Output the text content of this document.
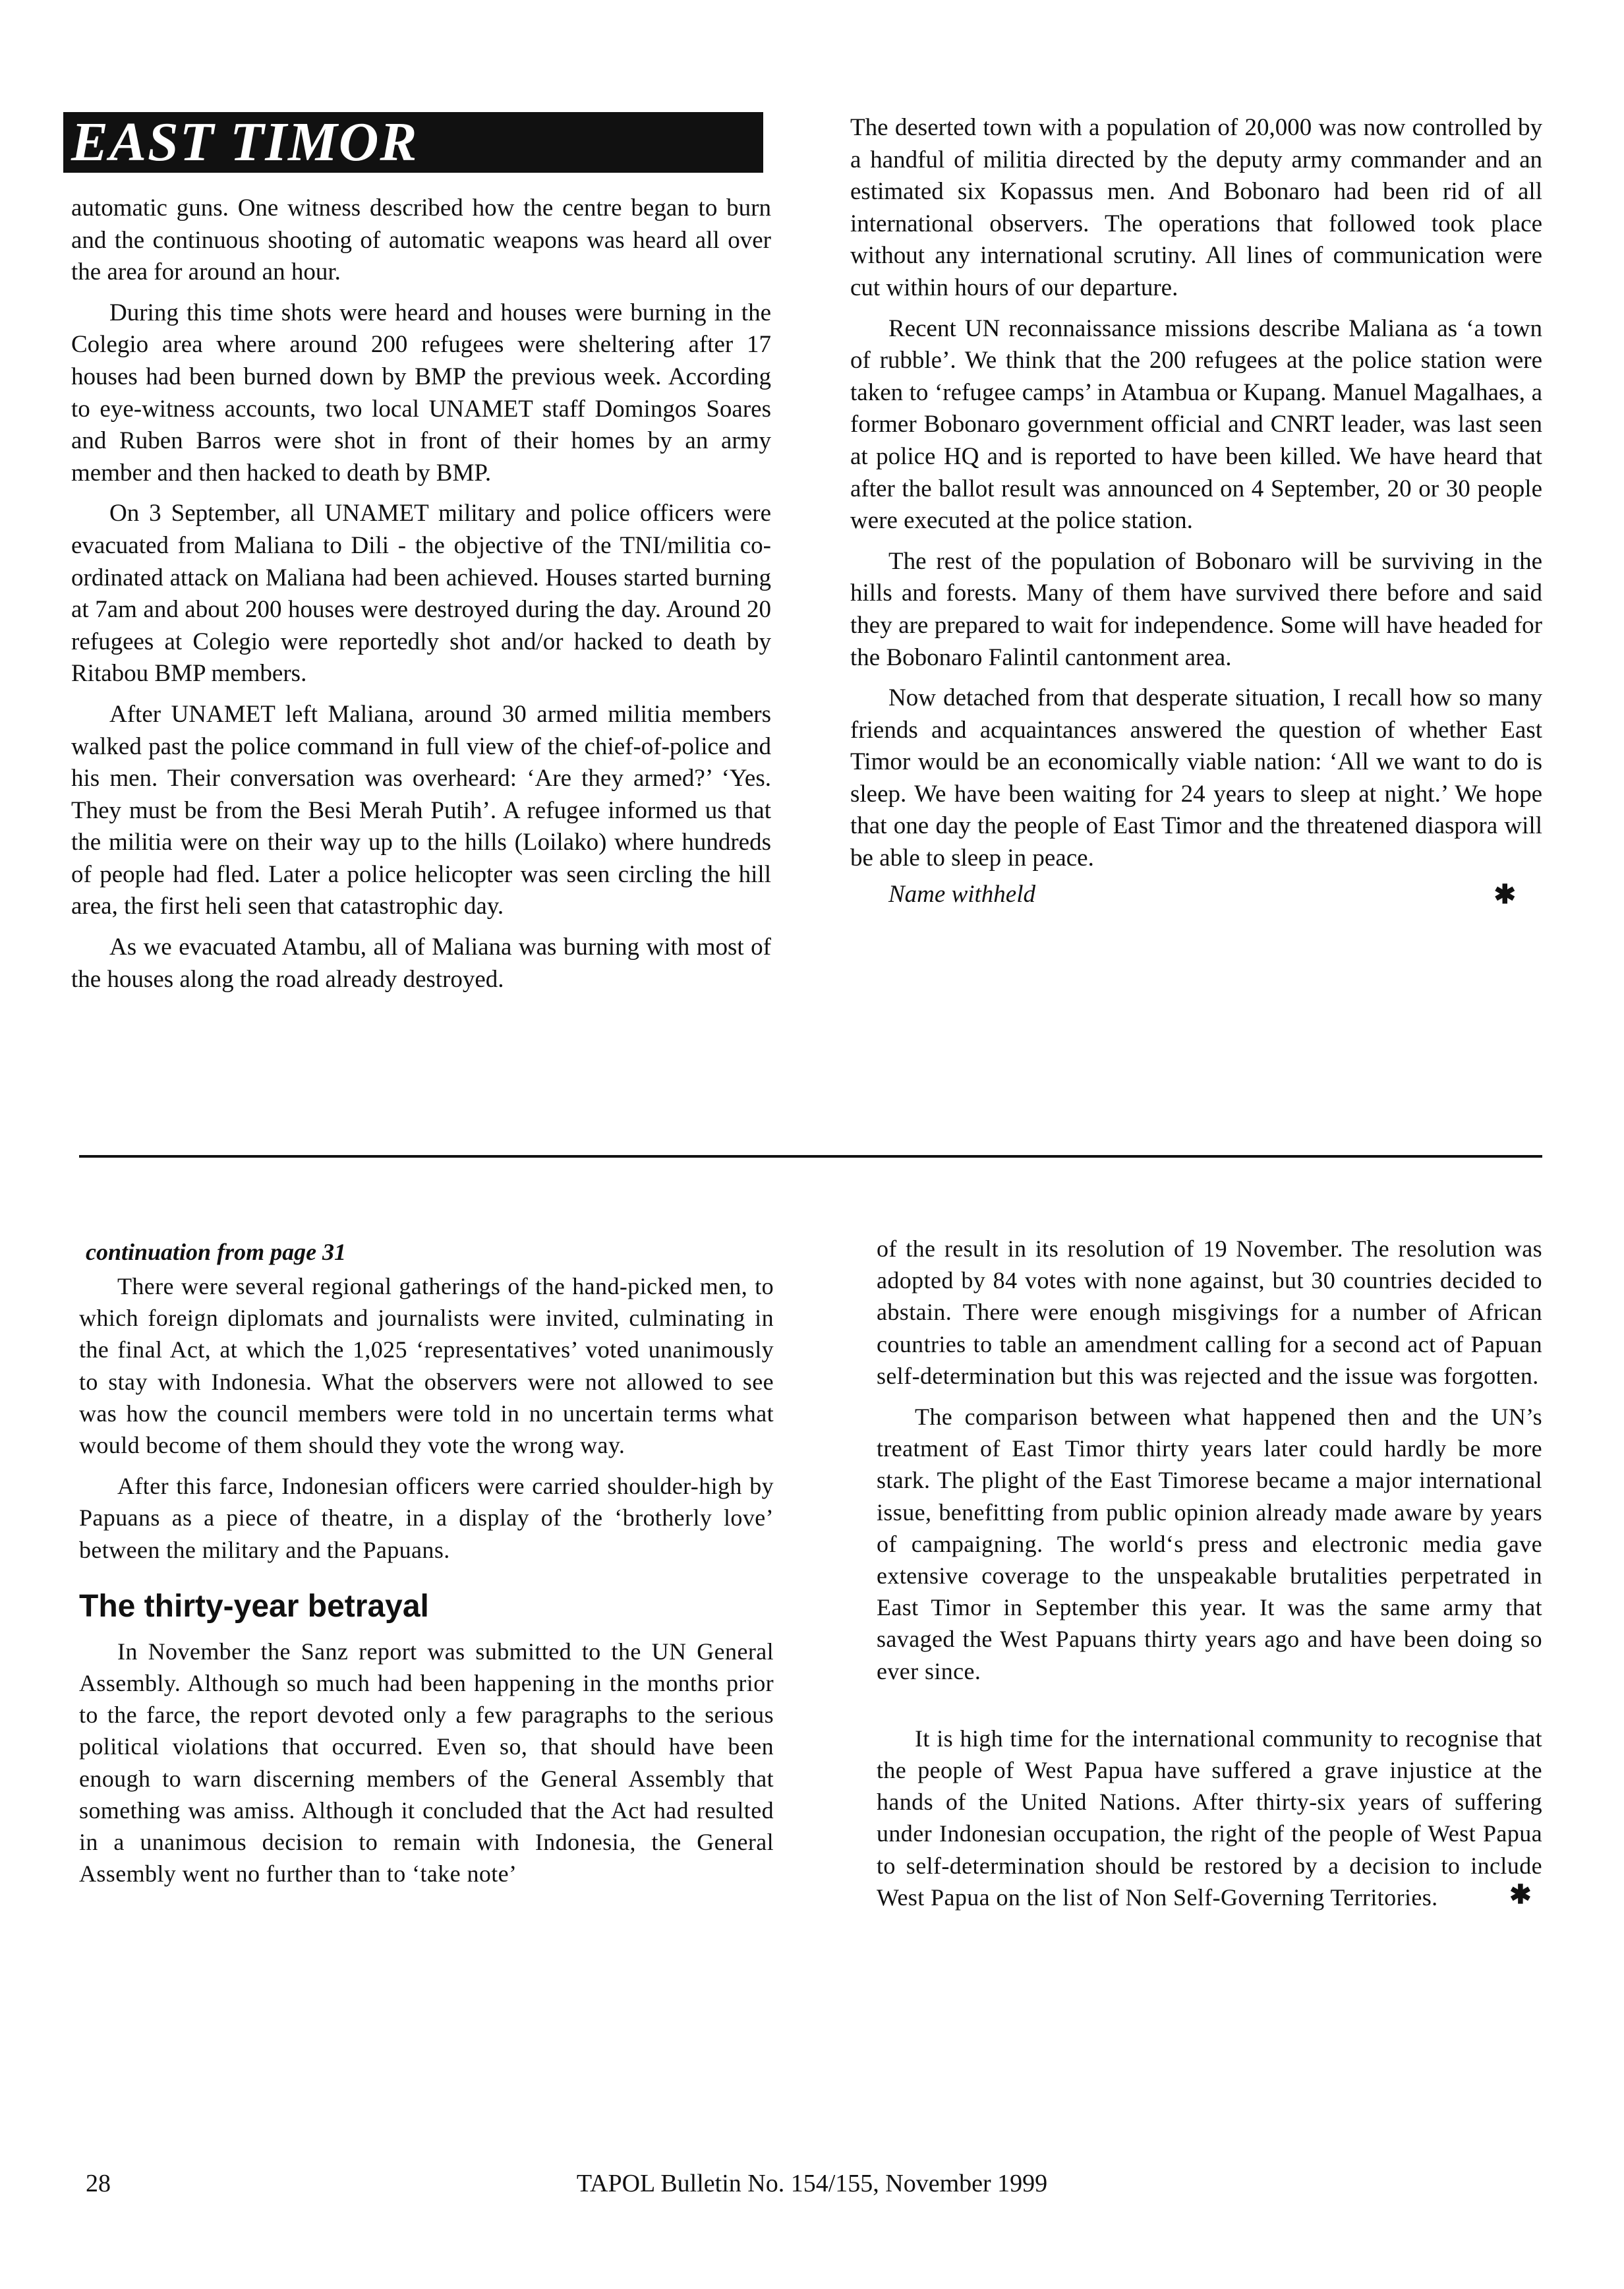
EAST TIMOR

automatic guns. One witness described how the centre began to burn and the continuous shooting of automatic weapons was heard all over the area for around an hour.

During this time shots were heard and houses were burning in the Colegio area where around 200 refugees were sheltering after 17 houses had been burned down by BMP the previous week. According to eye-witness accounts, two local UNAMET staff Domingos Soares and Ruben Barros were shot in front of their homes by an army member and then hacked to death by BMP.

On 3 September, all UNAMET military and police officers were evacuated from Maliana to Dili - the objective of the TNI/militia co-ordinated attack on Maliana had been achieved. Houses started burning at 7am and about 200 houses were destroyed during the day. Around 20 refugees at Colegio were reportedly shot and/or hacked to death by Ritabou BMP members.

After UNAMET left Maliana, around 30 armed militia members walked past the police command in full view of the chief-of-police and his men. Their conversation was overheard: ‘Are they armed?’ ‘Yes. They must be from the Besi Merah Putih’. A refugee informed us that the militia were on their way up to the hills (Loilako) where hundreds of people had fled. Later a police helicopter was seen circling the hill area, the first heli seen that catastrophic day.

As we evacuated Atambu, all of Maliana was burning with most of the houses along the road already destroyed.

The deserted town with a population of 20,000 was now controlled by a handful of militia directed by the deputy army commander and an estimated six Kopassus men. And Bobonaro had been rid of all international observers. The operations that followed took place without any international scrutiny. All lines of communication were cut within hours of our departure.

Recent UN reconnaissance missions describe Maliana as ‘a town of rubble’. We think that the 200 refugees at the police station were taken to ‘refugee camps’ in Atambua or Kupang. Manuel Magalhaes, a former Bobonaro government official and CNRT leader, was last seen at police HQ and is reported to have been killed. We have heard that after the ballot result was announced on 4 September, 20 or 30 people were executed at the police station.

The rest of the population of Bobonaro will be surviving in the hills and forests. Many of them have survived there before and said they are prepared to wait for independence. Some will have headed for the Bobonaro Falintil cantonment area.

Now detached from that desperate situation, I recall how so many friends and acquaintances answered the question of whether East Timor would be an economically viable nation: ‘All we want to do is sleep. We have been waiting for 24 years to sleep at night.’ We hope that one day the people of East Timor and the threatened diaspora will be able to sleep in peace.

Name withheld	✱
continuation from page 31

There were several regional gatherings of the hand-picked men, to which foreign diplomats and journalists were invited, culminating in the final Act, at which the 1,025 ‘representatives’ voted unanimously to stay with Indonesia. What the observers were not allowed to see was how the council members were told in no uncertain terms what would become of them should they vote the wrong way.

After this farce, Indonesian officers were carried shoulder-high by Papuans as a piece of theatre, in a display of the ‘brotherly love’ between the military and the Papuans.

The thirty-year betrayal

In November the Sanz report was submitted to the UN General Assembly. Although so much had been happening in the months prior to the farce, the report devoted only a few paragraphs to the serious political violations that occurred. Even so, that should have been enough to warn discerning members of the General Assembly that something was amiss. Although it concluded that the Act had resulted in a unanimous decision to remain with Indonesia, the General Assembly went no further than to ‘take note’

of the result in its resolution of 19 November. The resolution was adopted by 84 votes with none against, but 30 countries decided to abstain. There were enough misgivings for a number of African countries to table an amendment calling for a second act of Papuan self-determination but this was rejected and the issue was forgotten.

The comparison between what happened then and the UN’s treatment of East Timor thirty years later could hardly be more stark. The plight of the East Timorese became a major international issue, benefitting from public opinion already made aware by years of campaigning. The world‘s press and electronic media gave extensive coverage to the unspeakable brutalities perpetrated in East Timor in September this year. It was the same army that savaged the West Papuans thirty years ago and have been doing so ever since.

It is high time for the international community to recognise that the people of West Papua have suffered a grave injustice at the hands of the United Nations. After thirty-six years of suffering under Indonesian occupation, the right of the people of West Papua to self-determination should be restored by a decision to include West Papua on the list of Non Self-Governing Territories.	✱

28	TAPOL Bulletin No. 154/155, November 1999
